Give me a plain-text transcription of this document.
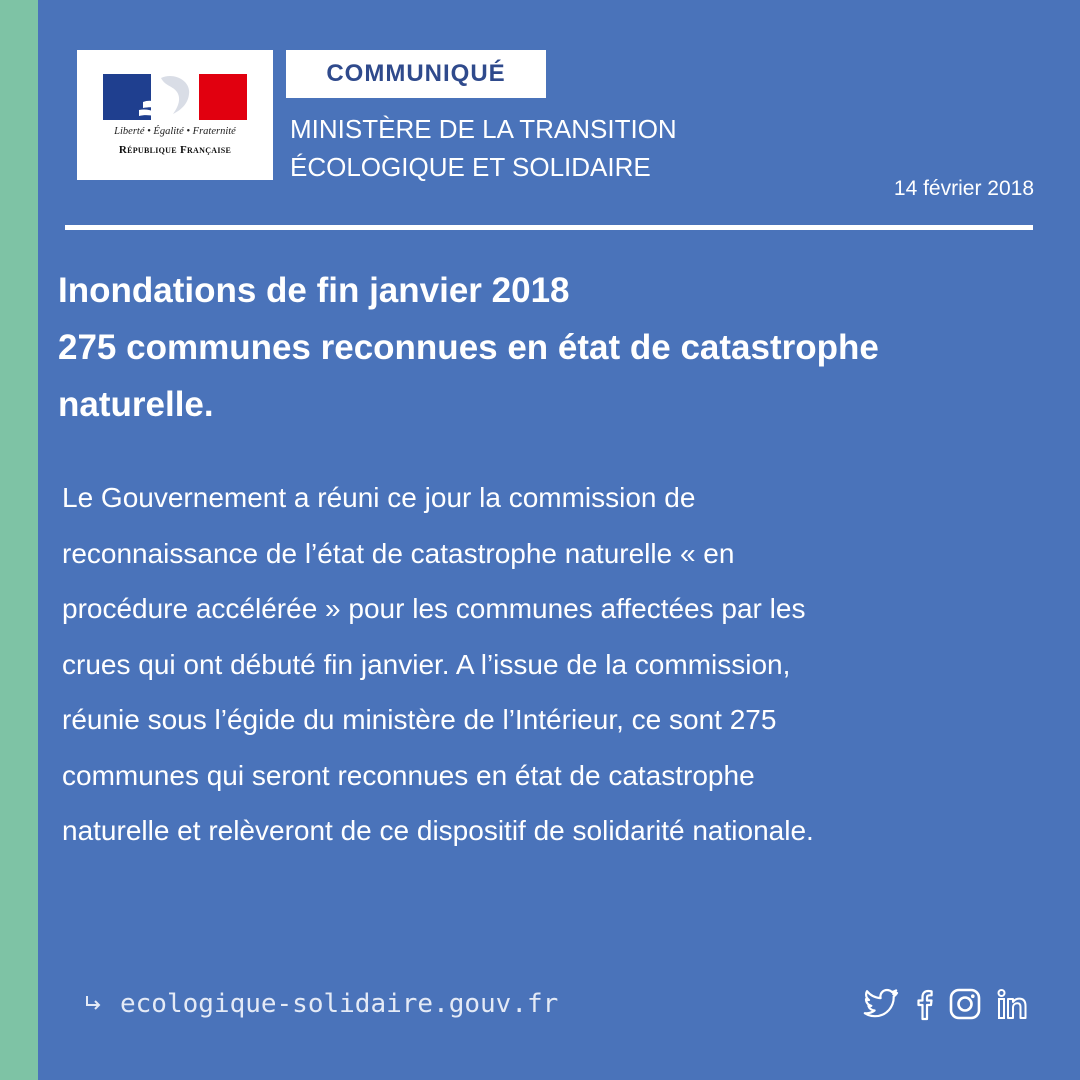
Liberté • Égalité • Fraternité
République Française
COMMUNIQUÉ
MINISTÈRE DE LA TRANSITION
ÉCOLOGIQUE ET SOLIDAIRE
14 février 2018
Inondations de fin janvier 2018
275 communes reconnues en état de catastrophe
naturelle.
Le Gouvernement a réuni ce jour la commission de
reconnaissance de l’état de catastrophe naturelle « en
procédure accélérée » pour les communes affectées par les
crues qui ont débuté fin janvier. A l’issue de la commission,
réunie sous l’égide du ministère de l’Intérieur, ce sont 275
communes qui seront reconnues en état de catastrophe
naturelle et relèveront de ce dispositif de solidarité nationale.
ecologique-solidaire.gouv.fr
